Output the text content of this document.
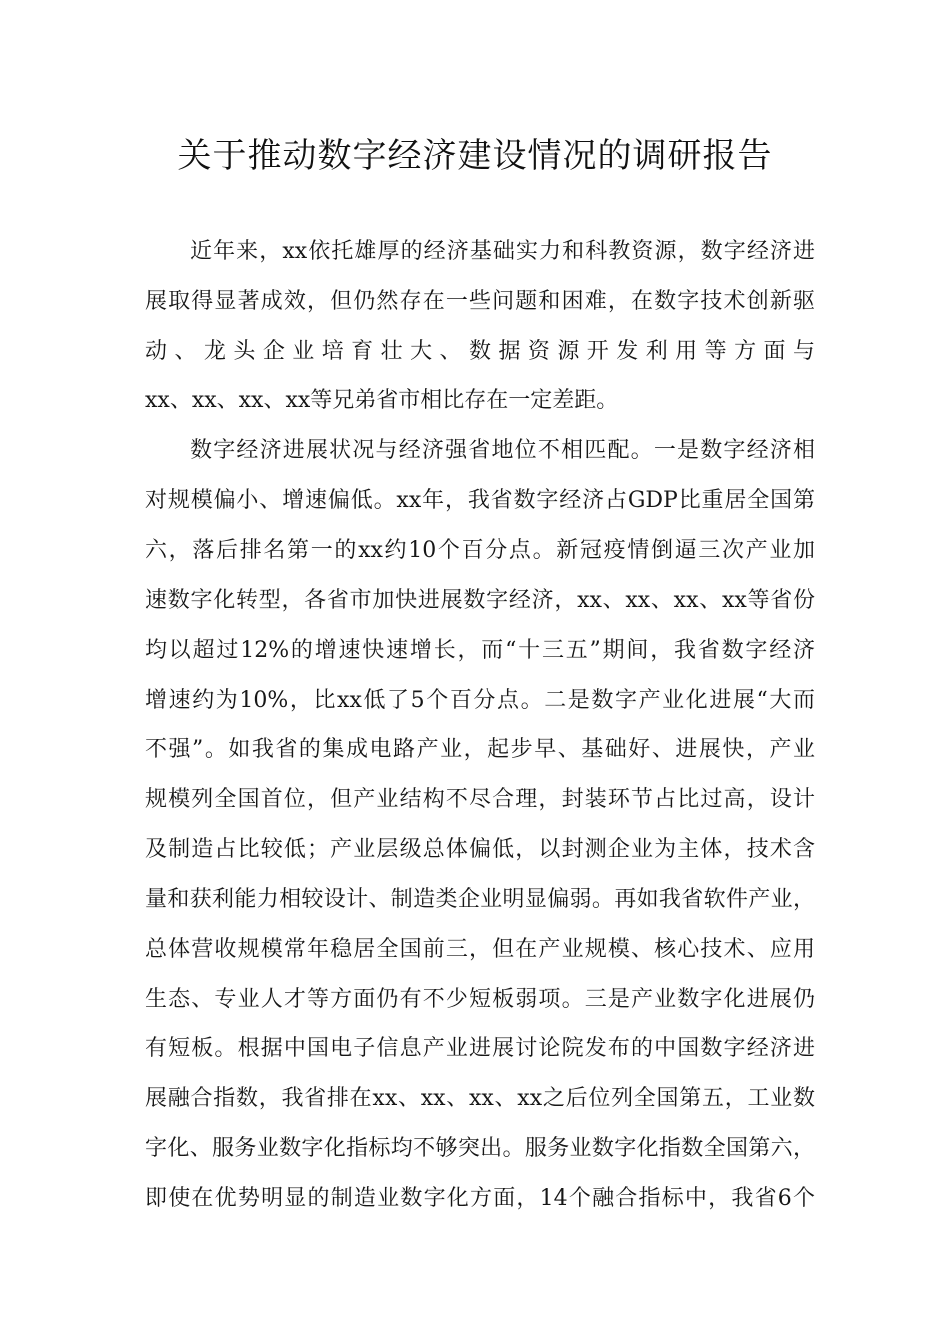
关于推动数字经济建设情况的调研报告
近年来，xx依托雄厚的经济基础实力和科教资源，数字经济进
展取得显著成效，但仍然存在一些问题和困难，在数字技术创新驱
动、龙头企业培育壮大、数据资源开发利用等方面与
xx、xx、xx、xx等兄弟省市相比存在一定差距。
数字经济进展状况与经济强省地位不相匹配。一是数字经济相
对规模偏小、增速偏低。xx年，我省数字经济占GDP比重居全国第
六，落后排名第一的xx约10个百分点。新冠疫情倒逼三次产业加
速数字化转型，各省市加快进展数字经济，xx、xx、xx、xx等省份
均以超过12%的增速快速增长，而“十三五”期间，我省数字经济
增速约为10%，比xx低了5个百分点。二是数字产业化进展“大而
不强”。如我省的集成电路产业，起步早、基础好、进展快，产业
规模列全国首位，但产业结构不尽合理，封装环节占比过高，设计
及制造占比较低；产业层级总体偏低，以封测企业为主体，技术含
量和获利能力相较设计、制造类企业明显偏弱。再如我省软件产业，
总体营收规模常年稳居全国前三，但在产业规模、核心技术、应用
生态、专业人才等方面仍有不少短板弱项。三是产业数字化进展仍
有短板。根据中国电子信息产业进展讨论院发布的中国数字经济进
展融合指数，我省排在xx、xx、xx、xx之后位列全国第五，工业数
字化、服务业数字化指标均不够突出。服务业数字化指数全国第六，
即使在优势明显的制造业数字化方面，14个融合指标中，我省6个
